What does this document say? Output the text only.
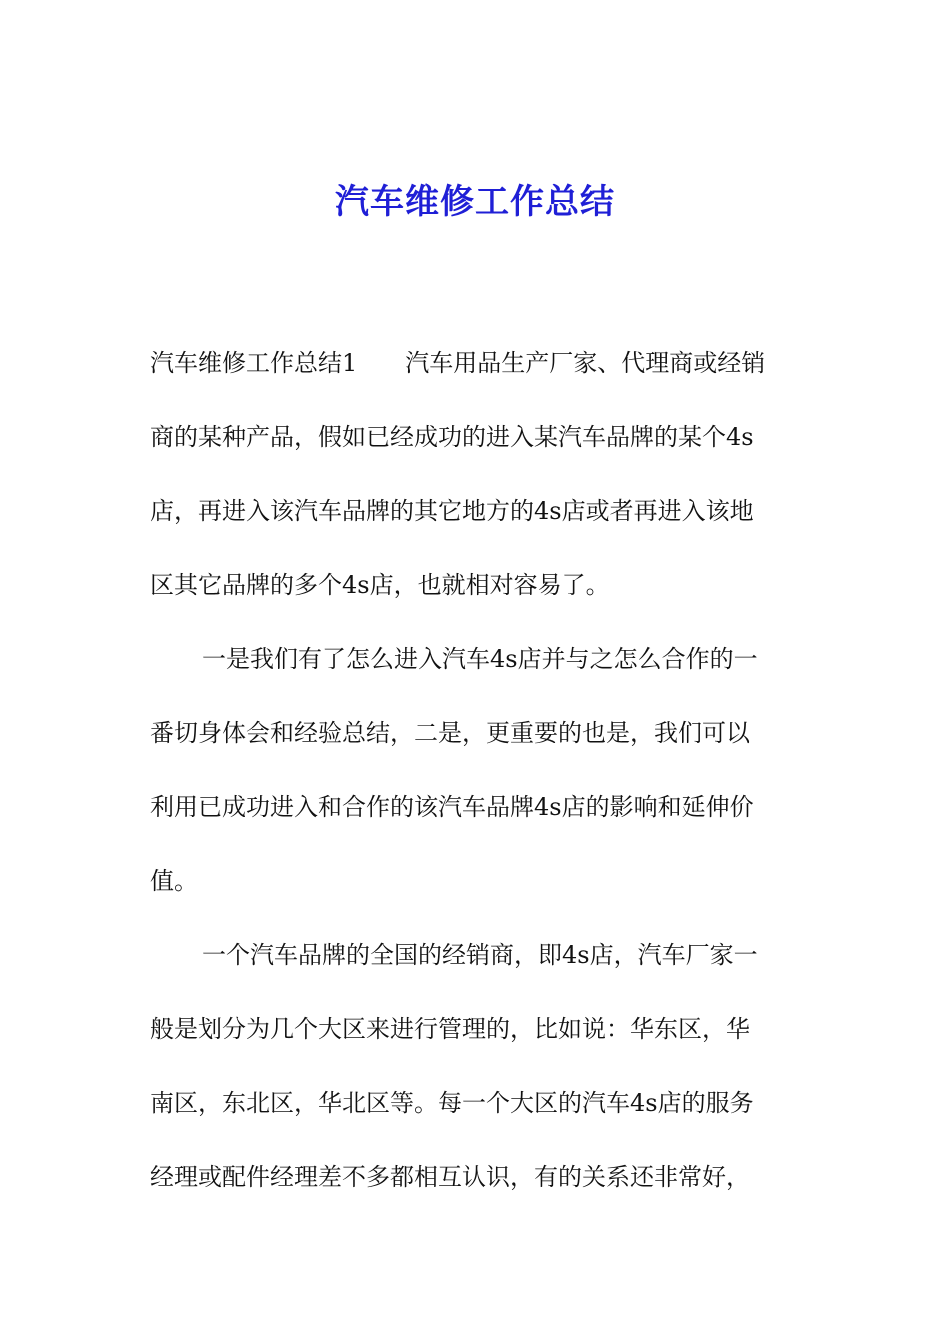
汽车维修工作总结
汽车维修工作总结1　　汽车用品生产厂家、代理商或经销
商的某种产品，假如已经成功的进入某汽车品牌的某个4s
店，再进入该汽车品牌的其它地方的4s店或者再进入该地
区其它品牌的多个4s店，也就相对容易了。
一是我们有了怎么进入汽车4s店并与之怎么合作的一
番切身体会和经验总结，二是，更重要的也是，我们可以
利用已成功进入和合作的该汽车品牌4s店的影响和延伸价
值。
一个汽车品牌的全国的经销商，即4s店，汽车厂家一
般是划分为几个大区来进行管理的，比如说：华东区，华
南区，东北区，华北区等。每一个大区的汽车4s店的服务
经理或配件经理差不多都相互认识，有的关系还非常好，
